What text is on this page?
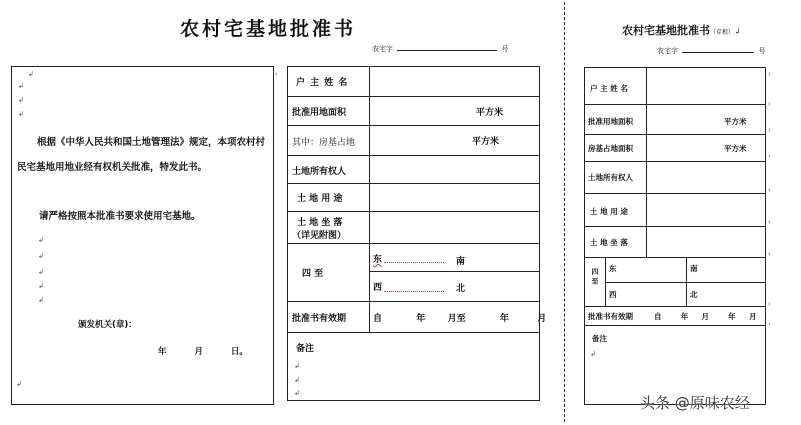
农村宅基地批准书
农宅字	号
↲
↲
↲
↲
根据《中华人民共和国土地管理法》规定，本项农村村民宅基地用地业经有权机关批准，特发此书。
请严格按照本批准书要求使用宅基地。
↲
↲
↲
↲
↲
颁发机关(章)：
年	月	日。
↲
›
户 主 姓 名
批准用地面积	平方米
其中：房基占地	平方米
土地所有权人
土 地 用 途
土 地 坐 落
（详见附图）
四 至
东	南
西	北
批准书有效期	自	年 月至	年	月
备注
↲
↲
↲
农村宅基地批准书（存根）↲
农宅字	号
户 主 姓 名
批准用地面积	平方米
房基占地面积	平方米
土地所有权人
土 地 用 途
土 地 坐 落
四 至 东	南
西	北
批准书有效期	自	年 月	年 月
备注
↲
›
›
›
›
›
›
›
›
›
头条 @原味农经
